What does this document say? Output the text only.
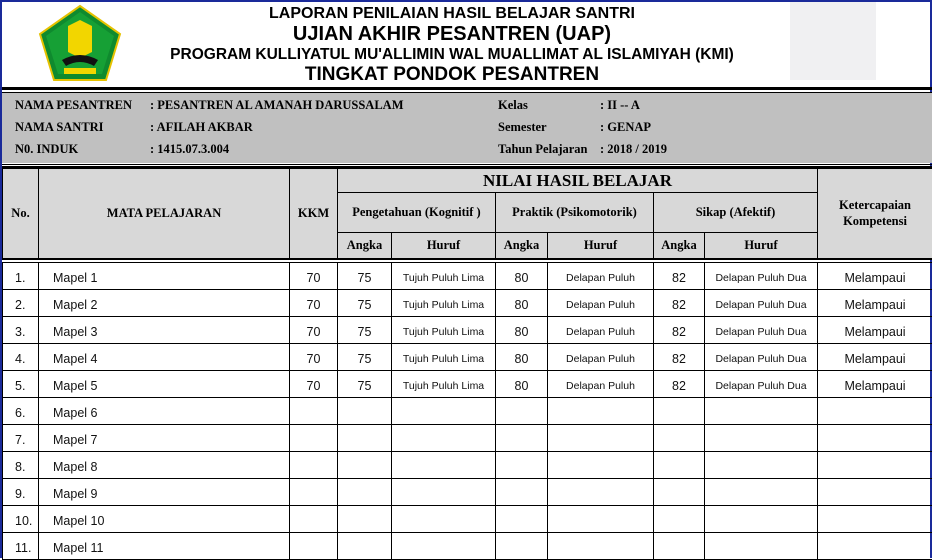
LAPORAN PENILAIAN HASIL BELAJAR SANTRI
UJIAN AKHIR PESANTREN (UAP)
PROGRAM KULLIYATUL MU'ALLIMIN WAL MUALLIMAT AL ISLAMIYAH (KMI)
TINGKAT PONDOK PESANTREN
NAMA PESANTREN : PESANTREN AL AMANAH DARUSSALAM	Kelas	: II -- A
NAMA SANTRI	: AFILAH AKBAR	Semester	: GENAP
N0. INDUK	: 1415.07.3.004	Tahun Pelajaran : 2018 / 2019
No.	MATA PELAJARAN	KKM	NILAI HASIL BELAJAR						Ketercapaian Kompetensi
			Pengetahuan (Kognitif )		Praktik (Psikomotorik)		Sikap (Afektif)		
			Angka	Huruf	Angka	Huruf	Angka	Huruf	

1.	Mapel 1	70	75	Tujuh Puluh Lima	80	Delapan Puluh	82	Delapan Puluh Dua	Melampaui
2.	Mapel 2	70	75	Tujuh Puluh Lima	80	Delapan Puluh	82	Delapan Puluh Dua	Melampaui
3.	Mapel 3	70	75	Tujuh Puluh Lima	80	Delapan Puluh	82	Delapan Puluh Dua	Melampaui
4.	Mapel 4	70	75	Tujuh Puluh Lima	80	Delapan Puluh	82	Delapan Puluh Dua	Melampaui
5.	Mapel 5	70	75	Tujuh Puluh Lima	80	Delapan Puluh	82	Delapan Puluh Dua	Melampaui
6.	Mapel 6								
7.	Mapel 7								
8.	Mapel 8								
9.	Mapel 9								
10.	Mapel 10								
11.	Mapel 11								
